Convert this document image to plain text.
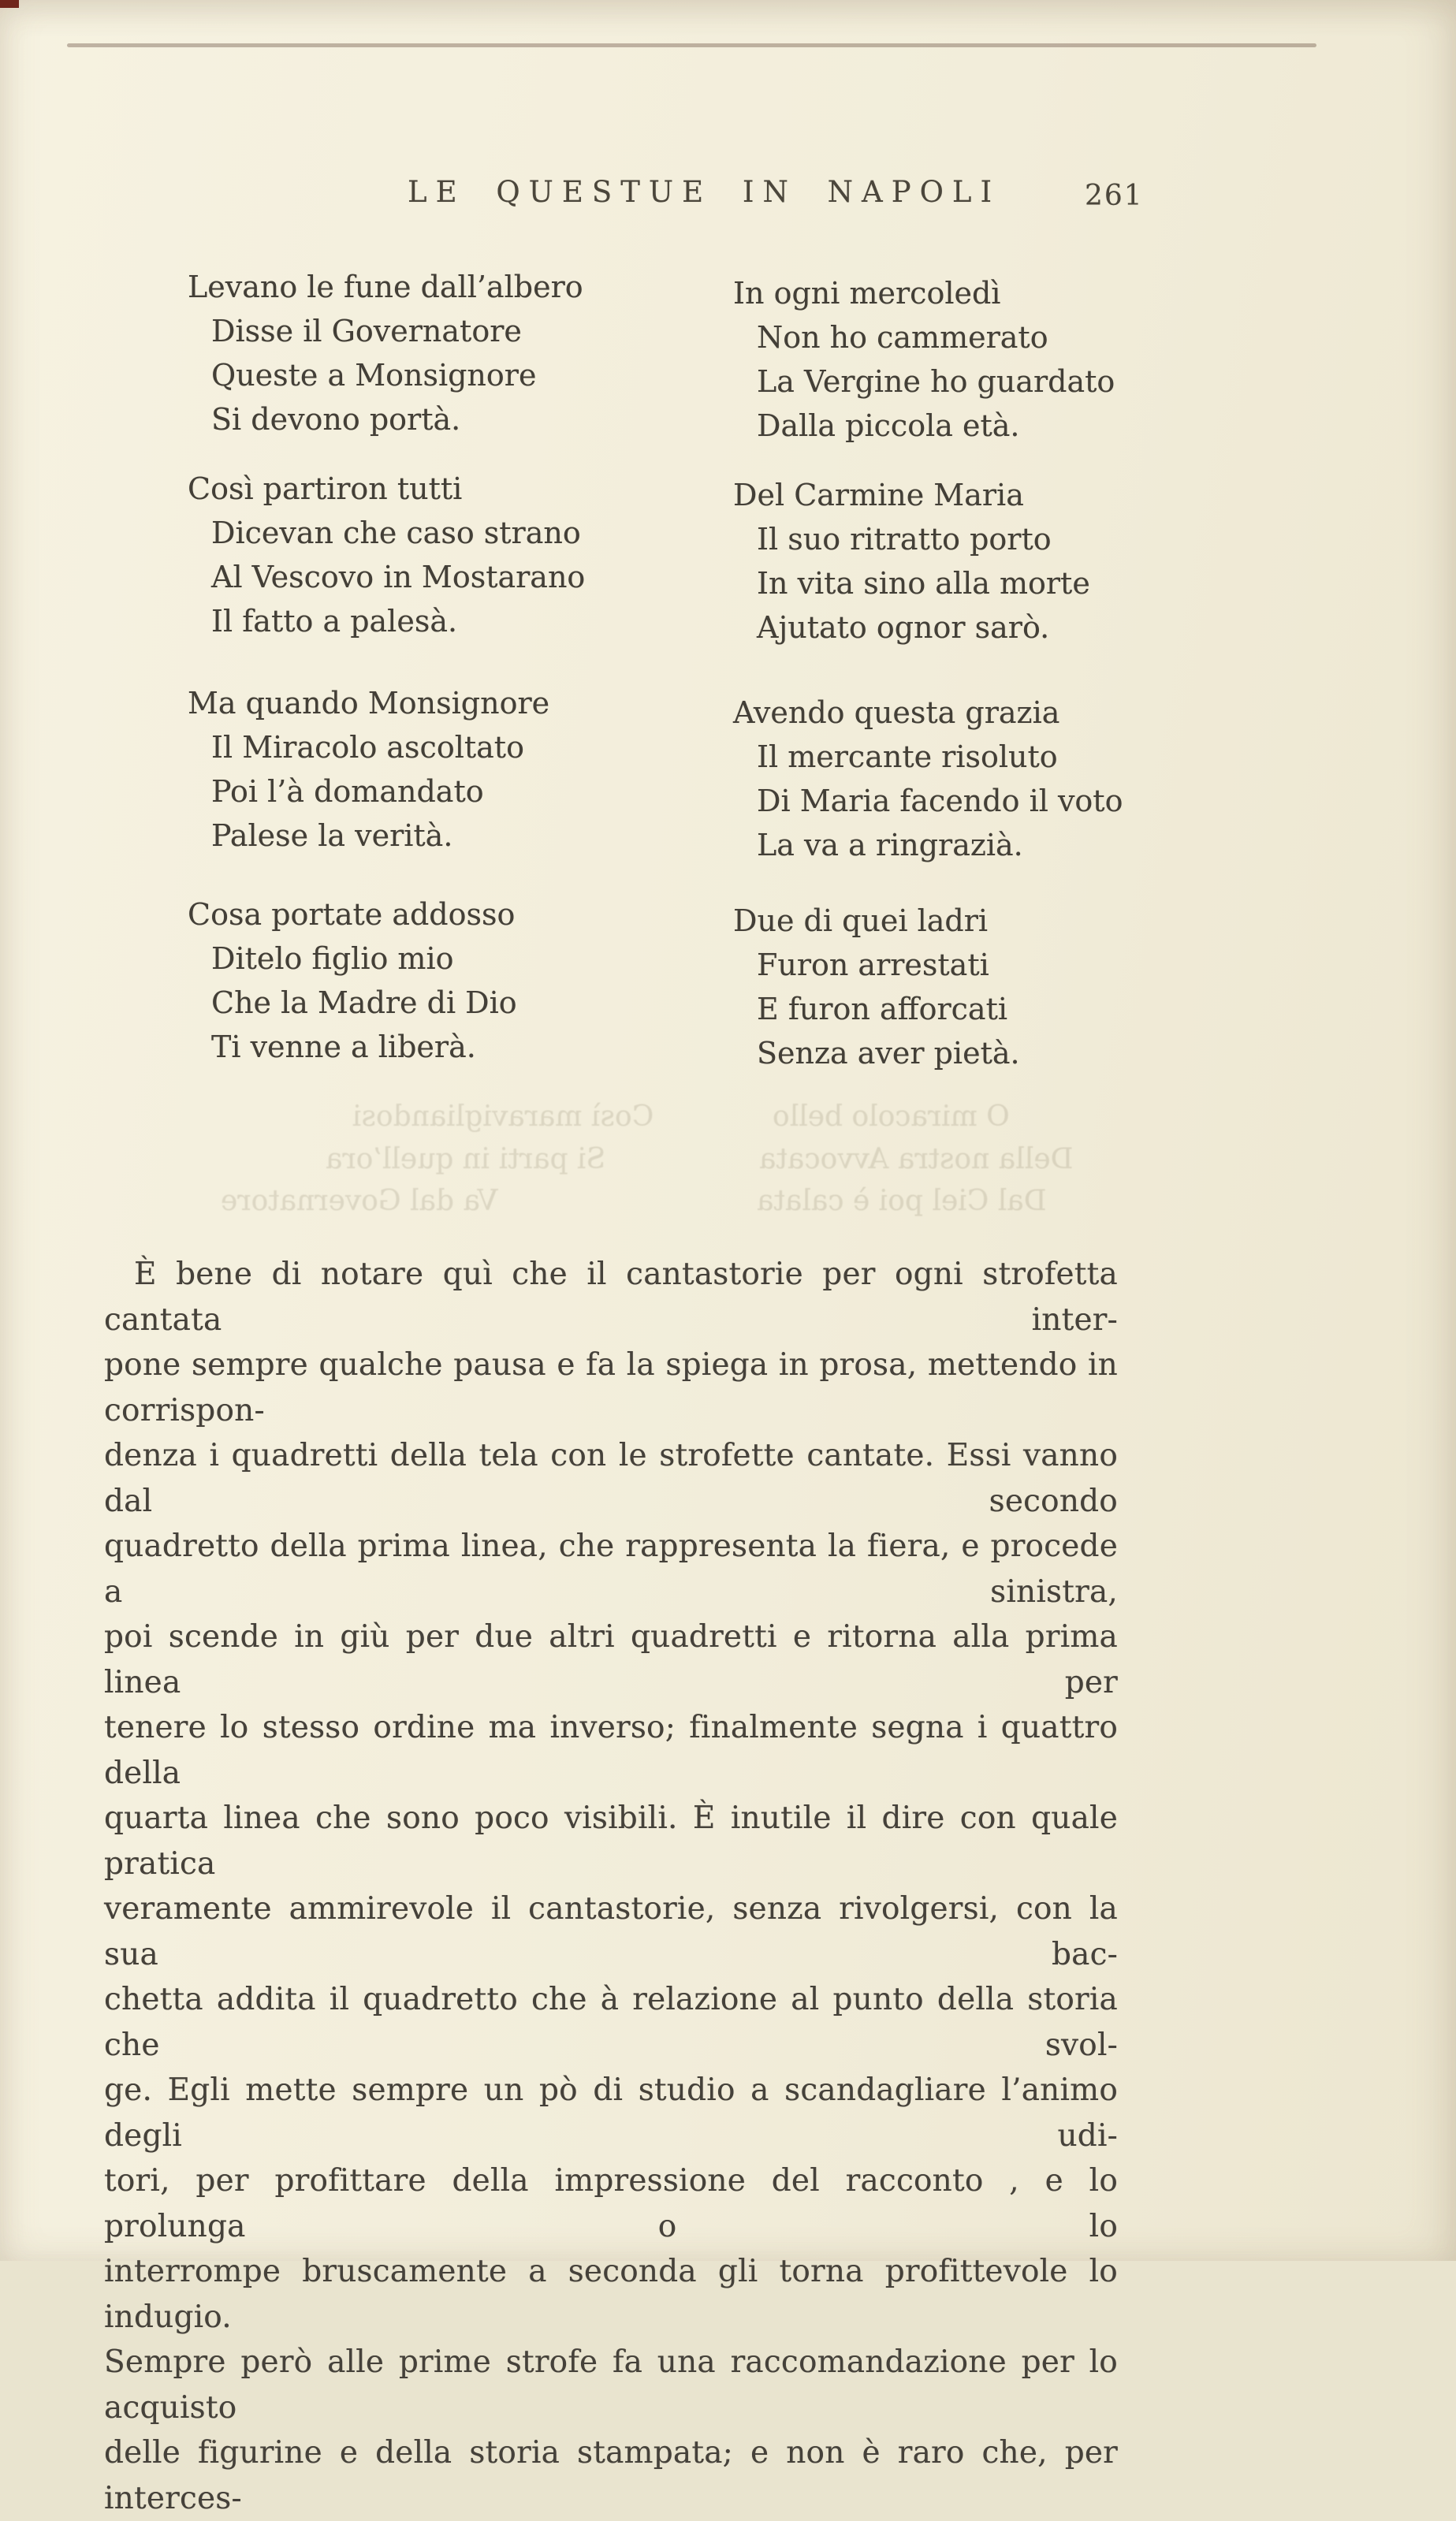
LE QUESTUE IN NAPOLI	261
Levano le fune dall’albero
Disse il Governatore
Queste a Monsignore
Si devono portà.
In ogni mercoledì
Non ho cammerato
La Vergine ho guardato
Dalla piccola età.
Così partiron tutti
Dicevan che caso strano
Al Vescovo in Mostarano
Il fatto a palesà.
Del Carmine Maria
Il suo ritratto porto
In vita sino alla morte
Ajutato ognor sarò.
Ma quando Monsignore
Il Miracolo ascoltato
Poi l’à domandato
Palese la verità.
Avendo questa grazia
Il mercante risoluto
Di Maria facendo il voto
La va a ringrazià.
Cosa portate addosso
Ditelo figlio mio
Che la Madre di Dio
Ti venne a liberà.
Due di quei ladri
Furon arrestati
E furon afforcati
Senza aver pietà.
Così maravigliandosi	O miracolo bello
Si parti in quell’ora	Della nostra Avvocata
Va dal Governatore	Dal Ciel poi è calata
È bene di notare quì che il cantastorie per ogni strofetta cantata inter-
pone sempre qualche pausa e fa la spiega in prosa, mettendo in corrispon-
denza i quadretti della tela con le strofette cantate. Essi vanno dal secondo
quadretto della prima linea, che rappresenta la fiera, e procede a sinistra,
poi scende in giù per due altri quadretti e ritorna alla prima linea per
tenere lo stesso ordine ma inverso; finalmente segna i quattro della
quarta linea che sono poco visibili. È inutile il dire con quale pratica
veramente ammirevole il cantastorie, senza rivolgersi, con la sua bac-
chetta addita il quadretto che à relazione al punto della storia che svol-
ge. Egli mette sempre un pò di studio a scandagliare l’animo degli udi-
tori, per profittare della impressione del racconto , e lo prolunga o lo
interrompe bruscamente a seconda gli torna profittevole lo indugio.
Sempre però alle prime strofe fa una raccomandazione per lo acquisto
delle figurine e della storia stampata; e non è raro che, per interces-
